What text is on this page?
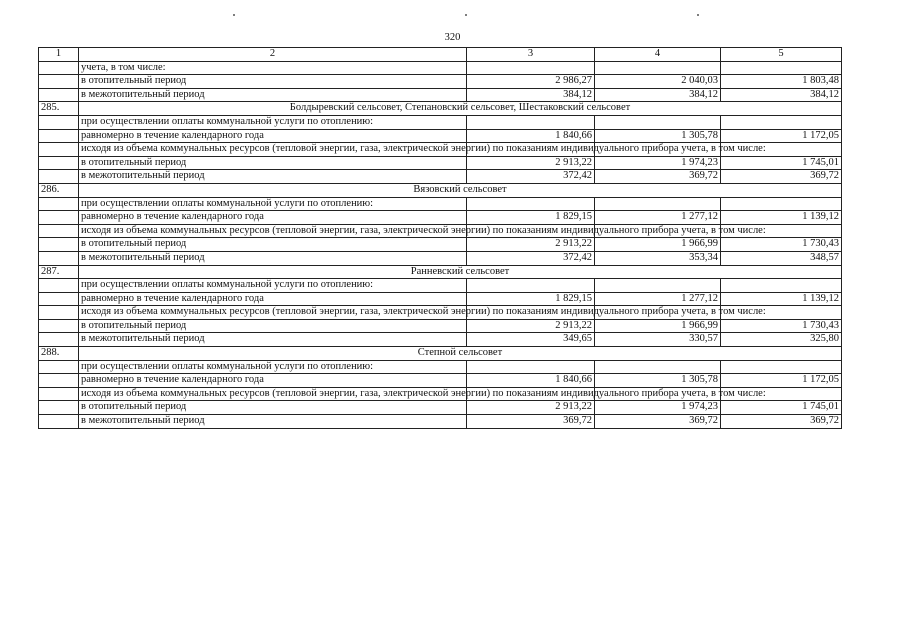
320
1	2	3	4	5
	учета, в том числе:			
	в отопительный период	2 986,27	2 040,03	1 803,48
	в межотопительный период	384,12	384,12	384,12
285.	Болдыревский сельсовет, Степановский сельсовет, Шестаковский сельсовет			
	при осуществлении оплаты коммунальной услуги по отоплению:			
	равномерно в течение календарного года	1 840,66	1 305,78	1 172,05
	исходя из объема коммунальных ресурсов (тепловой энергии, газа, электрической энергии) по показаниям индивидуального прибора учета, в том числе:			
	в отопительный период	2 913,22	1 974,23	1 745,01
	в межотопительный период	372,42	369,72	369,72
286.	Вязовский сельсовет			
	при осуществлении оплаты коммунальной услуги по отоплению:			
	равномерно в течение календарного года	1 829,15	1 277,12	1 139,12
	исходя из объема коммунальных ресурсов (тепловой энергии, газа, электрической энергии) по показаниям индивидуального прибора учета, в том числе:			
	в отопительный период	2 913,22	1 966,99	1 730,43
	в межотопительный период	372,42	353,34	348,57
287.	Ранневский сельсовет			
	при осуществлении оплаты коммунальной услуги по отоплению:			
	равномерно в течение календарного года	1 829,15	1 277,12	1 139,12
	исходя из объема коммунальных ресурсов (тепловой энергии, газа, электрической энергии) по показаниям индивидуального прибора учета, в том числе:			
	в отопительный период	2 913,22	1 966,99	1 730,43
	в межотопительный период	349,65	330,57	325,80
288.	Степной сельсовет			
	при осуществлении оплаты коммунальной услуги по отоплению:			
	равномерно в течение календарного года	1 840,66	1 305,78	1 172,05
	исходя из объема коммунальных ресурсов (тепловой энергии, газа, электрической энергии) по показаниям индивидуального прибора учета, в том числе:			
	в отопительный период	2 913,22	1 974,23	1 745,01
	в межотопительный период	369,72	369,72	369,72
